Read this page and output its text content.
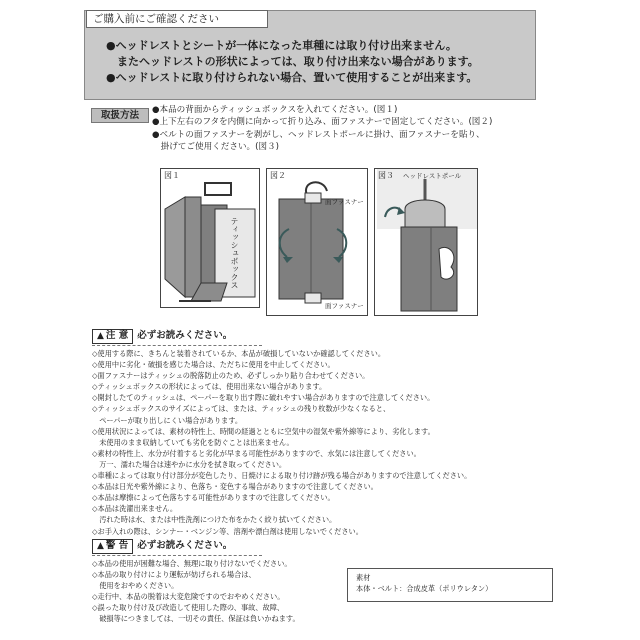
ご購入前にご確認ください
●ヘッドレストとシートが一体になった車種には取り付け出来ません。
　またヘッドレストの形状によっては、取り付け出来ない場合があります。
●ヘッドレストに取り付けられない場合、置いて使用することが出来ます。
取扱方法	●本品の背面からティッシュボックスを入れてください。(図１)
●上下左右のフタを内側に向かって折り込み、面ファスナーで固定してください。(図２)
●ベルトの面ファスナーを剥がし、ヘッドレストポールに掛け、面ファスナーを貼り、
　掛げてご使用ください。(図３)
図１
ティッシュボックス
図２
面ファスナー
面ファスナー
図３ ヘッドレストポール
▲ 注 意 必ずお読みください。
◇使用する際に、きちんと装着されているか、本品が破損していないか確認してください。
◇使用中に劣化・破損を感じた場合は、ただちに使用を中止してください。
◇面ファスナーはティッシュの脱落防止のため、必ずしっかり貼り合わせてください。
◇ティッシュボックスの形状によっては、使用出来ない場合があります。
◇開封したてのティッシュは、ペーパーを取り出す際に破れやすい場合がありますので注意してください。
◇ティッシュボックスのサイズによっては、または、ティッシュの残り枚数が少なくなると、
　ペーパーが取り出しにくい場合があります。
◇使用状況によっては、素材の特性上、時間の経過とともに空気中の湿気や紫外線等により、劣化します。
　未使用のまま収納していても劣化を防ぐことは出来ません。
◇素材の特性上、水分が付着すると劣化が早まる可能性がありますので、水気には注意してください。
　万一、濡れた場合は速やかに水分を拭き取ってください。
◇車種によっては取り付け部分が変色したり、日焼けによる取り付け跡が残る場合がありますので注意してください。
◇本品は日光や紫外線により、色落ち・変色する場合がありますので注意してください。
◇本品は摩擦によって色落ちする可能性がありますので注意してください。
◇本品は洗濯出来ません。
　汚れた時は水、または中性洗剤につけた布をかたく絞り拭いてください。
◇お手入れの際は、シンナー・ベンジン等、溶剤や漂白剤は使用しないでください。
▲ 警 告 必ずお読みください。
◇本品の使用が困難な場合、無理に取り付けないでください。
◇本品の取り付けにより運転が妨げられる場合は、
　使用をおやめください。
◇走行中、本品の脱着は大変危険ですのでおやめください。
◇誤った取り付け及び改造して使用した際の、事故、故障、
　破損等につきましては、一切その責任、保証は負いかねます。
素材
本体・ベルト：合成皮革（ポリウレタン）
